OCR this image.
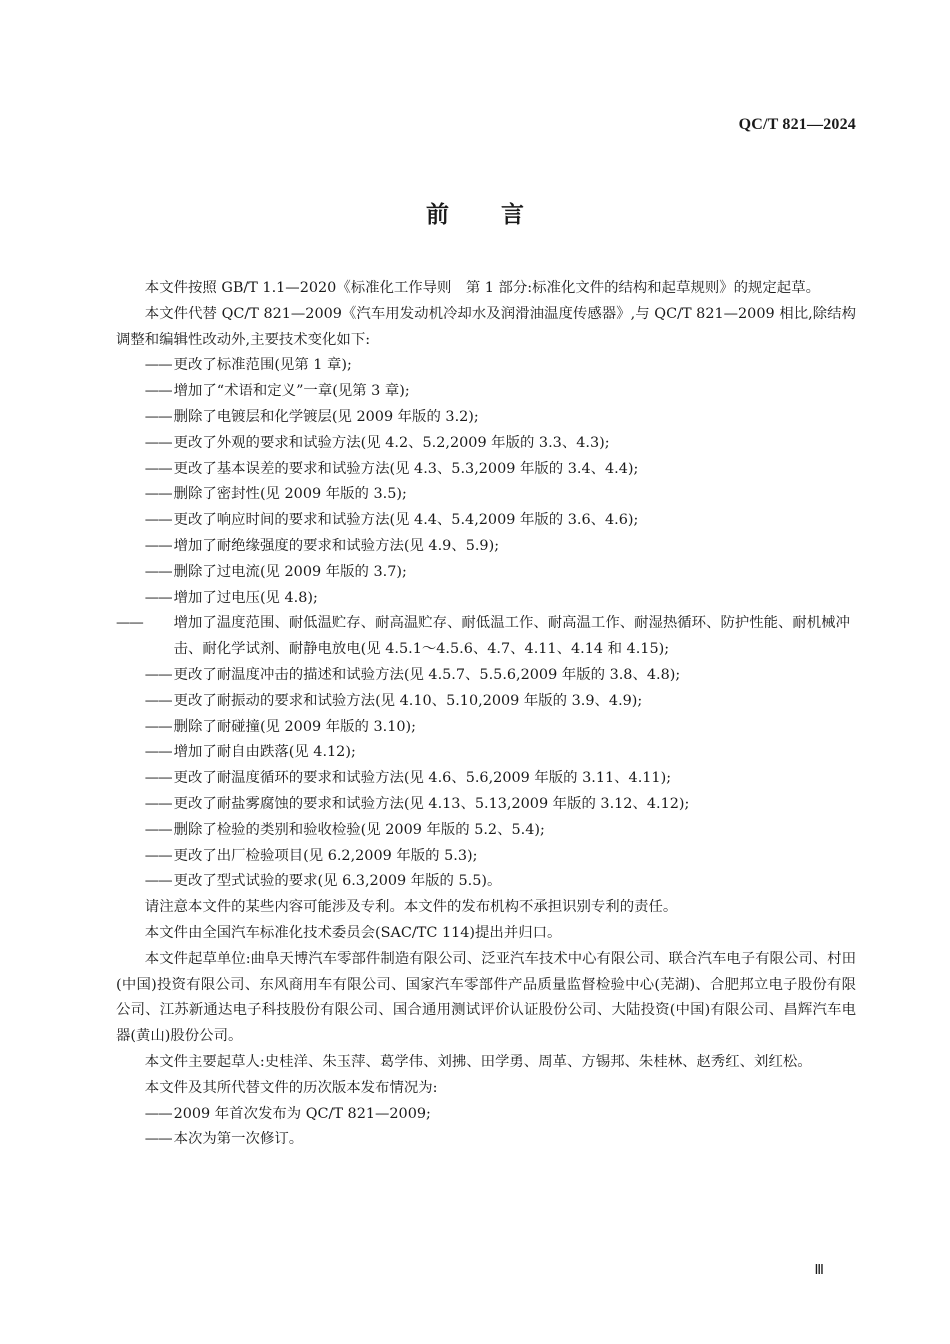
QC/T 821—2024
前 言

本文件按照 GB/T 1.1—2020《标准化工作导则　第 1 部分:标准化文件的结构和起草规则》的规定起草。

本文件代替 QC/T 821—2009《汽车用发动机冷却水及润滑油温度传感器》,与 QC/T 821—2009 相比,除结构调整和编辑性改动外,主要技术变化如下:

—— 更改了标准范围(见第 1 章);

—— 增加了“术语和定义”一章(见第 3 章);

—— 删除了电镀层和化学镀层(见 2009 年版的 3.2);

—— 更改了外观的要求和试验方法(见 4.2、5.2,2009 年版的 3.3、4.3);

—— 更改了基本误差的要求和试验方法(见 4.3、5.3,2009 年版的 3.4、4.4);

—— 删除了密封性(见 2009 年版的 3.5);

—— 更改了响应时间的要求和试验方法(见 4.4、5.4,2009 年版的 3.6、4.6);

—— 增加了耐绝缘强度的要求和试验方法(见 4.9、5.9);

—— 删除了过电流(见 2009 年版的 3.7);

—— 增加了过电压(见 4.8);

—— 增加了温度范围、耐低温贮存、耐高温贮存、耐低温工作、耐高温工作、耐湿热循环、防护性能、耐机械冲击、耐化学试剂、耐静电放电(见 4.5.1～4.5.6、4.7、4.11、4.14 和 4.15);

—— 更改了耐温度冲击的描述和试验方法(见 4.5.7、5.5.6,2009 年版的 3.8、4.8);

—— 更改了耐振动的要求和试验方法(见 4.10、5.10,2009 年版的 3.9、4.9);

—— 删除了耐碰撞(见 2009 年版的 3.10);

—— 增加了耐自由跌落(见 4.12);

—— 更改了耐温度循环的要求和试验方法(见 4.6、5.6,2009 年版的 3.11、4.11);

—— 更改了耐盐雾腐蚀的要求和试验方法(见 4.13、5.13,2009 年版的 3.12、4.12);

—— 删除了检验的类别和验收检验(见 2009 年版的 5.2、5.4);

—— 更改了出厂检验项目(见 6.2,2009 年版的 5.3);

—— 更改了型式试验的要求(见 6.3,2009 年版的 5.5)。

请注意本文件的某些内容可能涉及专利。本文件的发布机构不承担识别专利的责任。

本文件由全国汽车标准化技术委员会(SAC/TC 114)提出并归口。

本文件起草单位:曲阜天博汽车零部件制造有限公司、泛亚汽车技术中心有限公司、联合汽车电子有限公司、村田(中国)投资有限公司、东风商用车有限公司、国家汽车零部件产品质量监督检验中心(芜湖)、合肥邦立电子股份有限公司、江苏新通达电子科技股份有限公司、国合通用测试评价认证股份公司、大陆投资(中国)有限公司、昌辉汽车电器(黄山)股份公司。

本文件主要起草人:史桂洋、朱玉萍、葛学伟、刘拂、田学勇、周革、方锡邦、朱桂林、赵秀红、刘红松。

本文件及其所代替文件的历次版本发布情况为:

—— 2009 年首次发布为 QC/T 821—2009;

—— 本次为第一次修订。

Ⅲ
